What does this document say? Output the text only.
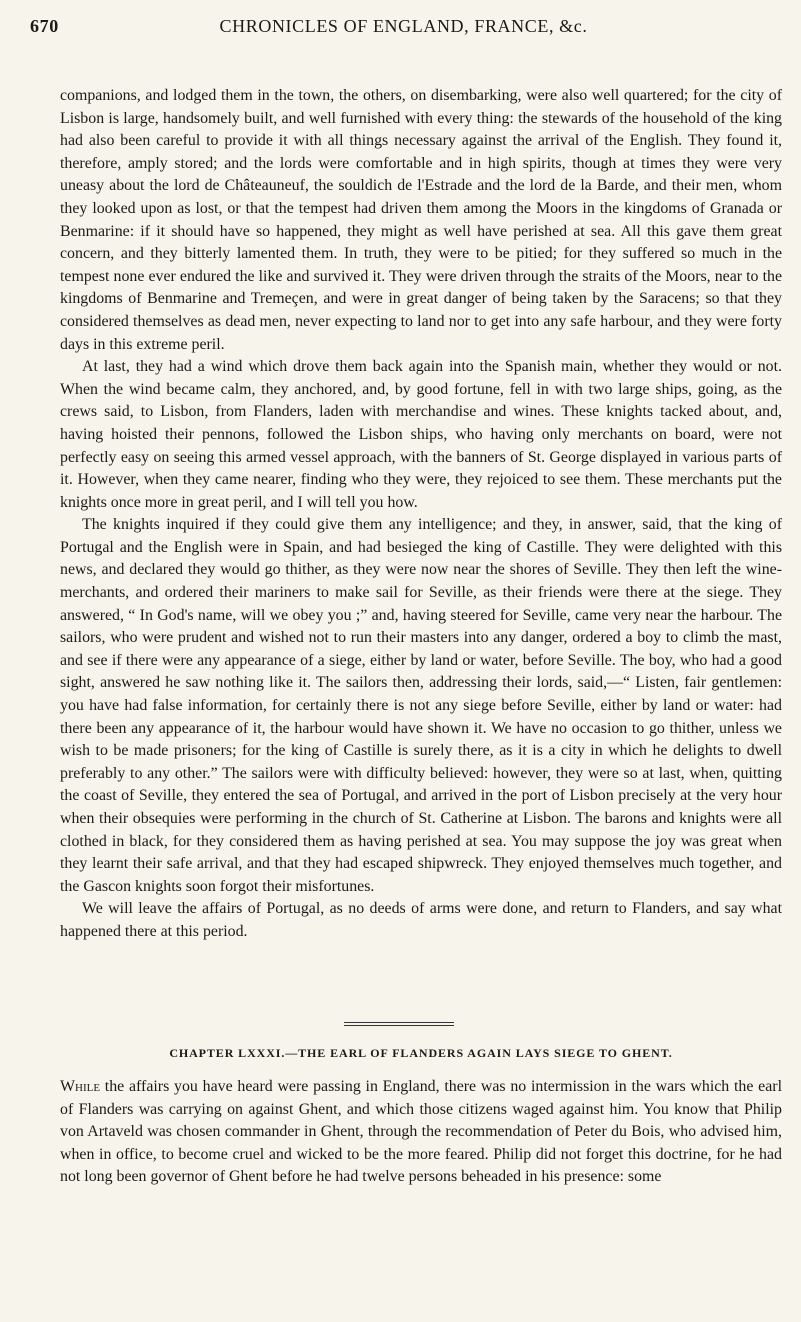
670	CHRONICLES OF ENGLAND, FRANCE, &c.

companions, and lodged them in the town, the others, on disembarking, were also well quartered; for the city of Lisbon is large, handsomely built, and well furnished with every thing: the stewards of the household of the king had also been careful to provide it with all things necessary against the arrival of the English. They found it, therefore, amply stored; and the lords were comfortable and in high spirits, though at times they were very uneasy about the lord de Châteauneuf, the souldich de l'Estrade and the lord de la Barde, and their men, whom they looked upon as lost, or that the tempest had driven them among the Moors in the kingdoms of Granada or Benmarine: if it should have so happened, they might as well have perished at sea. All this gave them great concern, and they bitterly lamented them. In truth, they were to be pitied; for they suffered so much in the tempest none ever endured the like and survived it. They were driven through the straits of the Moors, near to the kingdoms of Benmarine and Tremeçen, and were in great danger of being taken by the Saracens; so that they considered themselves as dead men, never expecting to land nor to get into any safe harbour, and they were forty days in this extreme peril.

At last, they had a wind which drove them back again into the Spanish main, whether they would or not. When the wind became calm, they anchored, and, by good fortune, fell in with two large ships, going, as the crews said, to Lisbon, from Flanders, laden with merchandise and wines. These knights tacked about, and, having hoisted their pennons, followed the Lisbon ships, who having only merchants on board, were not perfectly easy on seeing this armed vessel approach, with the banners of St. George displayed in various parts of it. However, when they came nearer, finding who they were, they rejoiced to see them. These merchants put the knights once more in great peril, and I will tell you how.

The knights inquired if they could give them any intelligence; and they, in answer, said, that the king of Portugal and the English were in Spain, and had besieged the king of Castille. They were delighted with this news, and declared they would go thither, as they were now near the shores of Seville. They then left the wine-merchants, and ordered their mariners to make sail for Seville, as their friends were there at the siege. They answered, “ In God's name, will we obey you ;” and, having steered for Seville, came very near the harbour. The sailors, who were prudent and wished not to run their masters into any danger, ordered a boy to climb the mast, and see if there were any appearance of a siege, either by land or water, before Seville. The boy, who had a good sight, answered he saw nothing like it. The sailors then, addressing their lords, said,—“ Listen, fair gentlemen: you have had false information, for certainly there is not any siege before Seville, either by land or water: had there been any appearance of it, the harbour would have shown it. We have no occasion to go thither, unless we wish to be made prisoners; for the king of Castille is surely there, as it is a city in which he delights to dwell preferably to any other.” The sailors were with difficulty believed: however, they were so at last, when, quitting the coast of Seville, they entered the sea of Portugal, and arrived in the port of Lisbon precisely at the very hour when their obsequies were performing in the church of St. Catherine at Lisbon. The barons and knights were all clothed in black, for they considered them as having perished at sea. You may suppose the joy was great when they learnt their safe arrival, and that they had escaped shipwreck. They enjoyed themselves much together, and the Gascon knights soon forgot their misfortunes.

We will leave the affairs of Portugal, as no deeds of arms were done, and return to Flanders, and say what happened there at this period.

CHAPTER LXXXI.—THE EARL OF FLANDERS AGAIN LAYS SIEGE TO GHENT.

While the affairs you have heard were passing in England, there was no intermission in the wars which the earl of Flanders was carrying on against Ghent, and which those citizens waged against him. You know that Philip von Artaveld was chosen commander in Ghent, through the recommendation of Peter du Bois, who advised him, when in office, to become cruel and wicked to be the more feared. Philip did not forget this doctrine, for he had not long been governor of Ghent before he had twelve persons beheaded in his presence: some
